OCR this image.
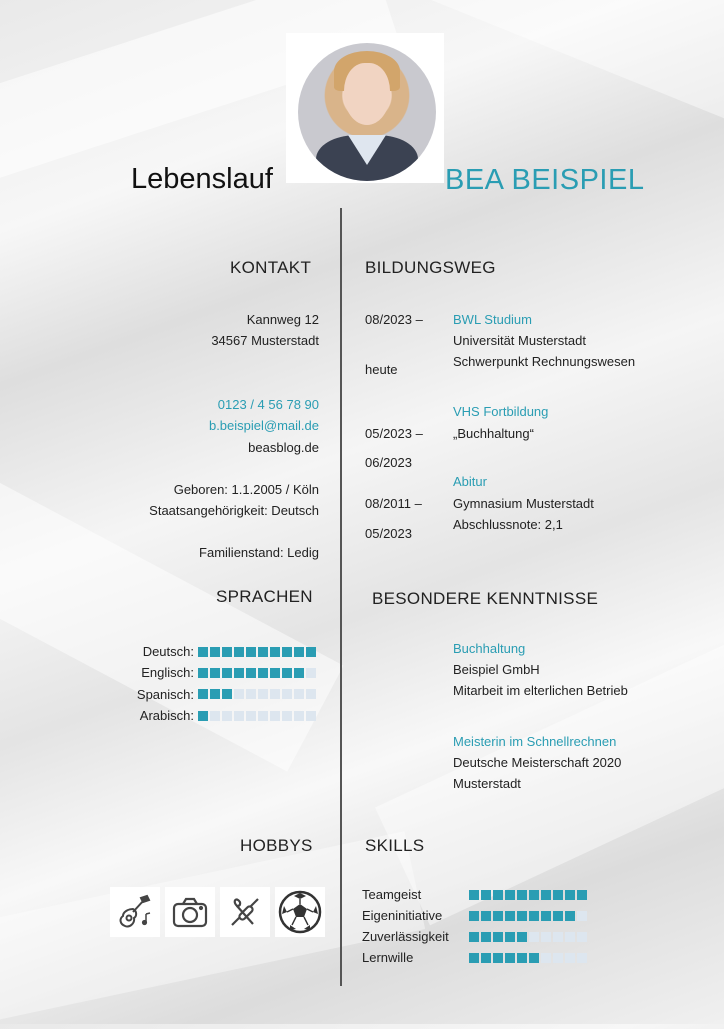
Lebenslauf	BEA BEISPIEL
KONTAKT
Kannweg 12
34567 Musterstadt
0123 / 4 56 78 90
b.beispiel@mail.de
beasblog.de
Geboren: 1.1.2005 / Köln
Staatsangehörigkeit: Deutsch
Familienstand: Ledig
SPRACHEN
Deutsch:
Englisch:
Spanisch:
Arabisch:
BILDUNGSWEG
08/2023 –
heute
BWL Studium
Universität Musterstadt
Schwerpunkt Rechnungswesen
05/2023 –
06/2023
VHS Fortbildung
„Buchhaltung“
08/2011 –
05/2023
Abitur
Gymnasium Musterstadt
Abschlussnote: 2,1
BESONDERE KENNTNISSE
Buchhaltung
Beispiel GmbH
Mitarbeit im elterlichen Betrieb
Meisterin im Schnellrechnen
Deutsche Meisterschaft 2020
Musterstadt
HOBBYS	SKILLS
Teamgeist
Eigeninitiative
Zuverlässigkeit
Lernwille
